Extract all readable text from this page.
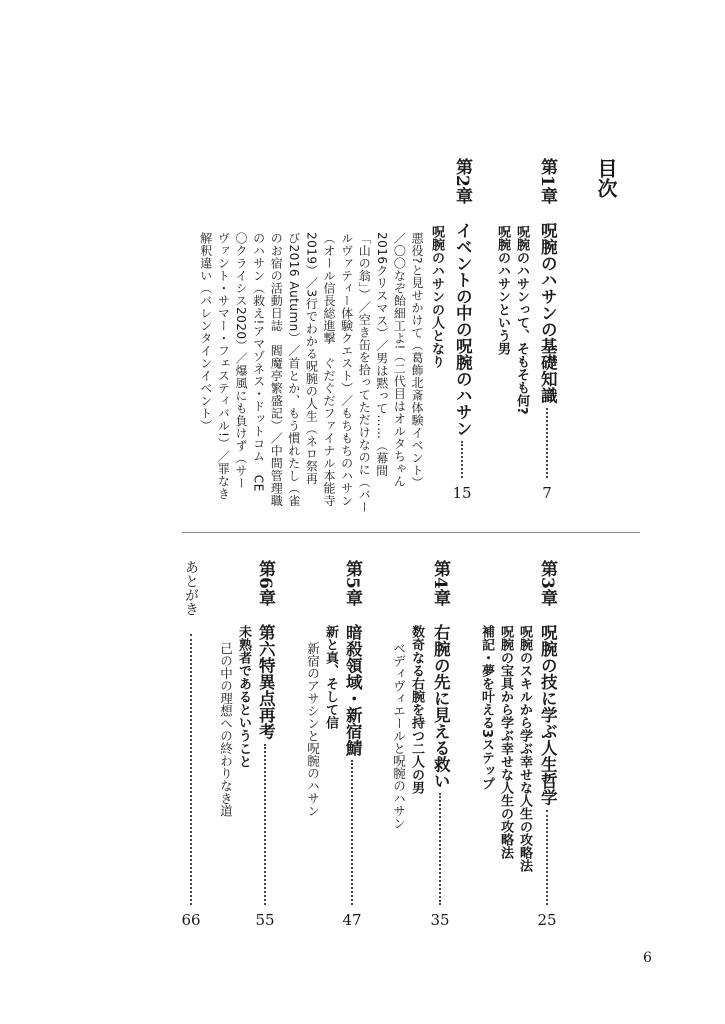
目次
第1章
呪腕のハサンの基礎知識
7
呪腕のハサンって、そもそも何?
呪腕のハサンという男
第2章
イベントの中の呪腕のハサン
15
呪腕のハサンの人となり
悪役?と見せかけて（葛飾北斎体験イベント）
／〇〇なぞ飴細工よ!（二代目はオルタちゃん
2016クリスマス）／男は黙って……（幕間
「山の翁」）／空き缶を拾ってただけなのに（バー
ルヴァティー体験クエスト）／もちもちのハサン
（オール信長総進撃　ぐだぐだファイナル本能寺
2019）／3行でわかる呪腕の人生（ネロ祭再
び2016 Autumn）／首とか、もう慣れたし（雀
のお宿の活動日誌　閻魔亭繁盛記）／中間管理職
のハサン（救え!アマゾネス・ドットコム　CE
〇クライシス2020）／爆風にも負けず（サー
ヴァント・サマー・フェスティバル!）／罪なき
解釈違い（バレンタインイベント）
第3章
呪腕の技に学ぶ人生哲学
25
呪腕のスキルから学ぶ幸せな人生の攻略法
呪腕の宝具から学ぶ幸せな人生の攻略法
補記・夢を叶える3ステップ
第4章
右腕の先に見える救い
35
数奇なる右腕を持つ二人の男
ベディヴィエールと呪腕のハサン
第5章
暗殺領域・新宿鯖
47
新と真、そして信
新宿のアサシンと呪腕のハサン
第6章
第六特異点再考
55
未熟者であるということ
己の中の理想への終わりなき道
あとがき
66
6
